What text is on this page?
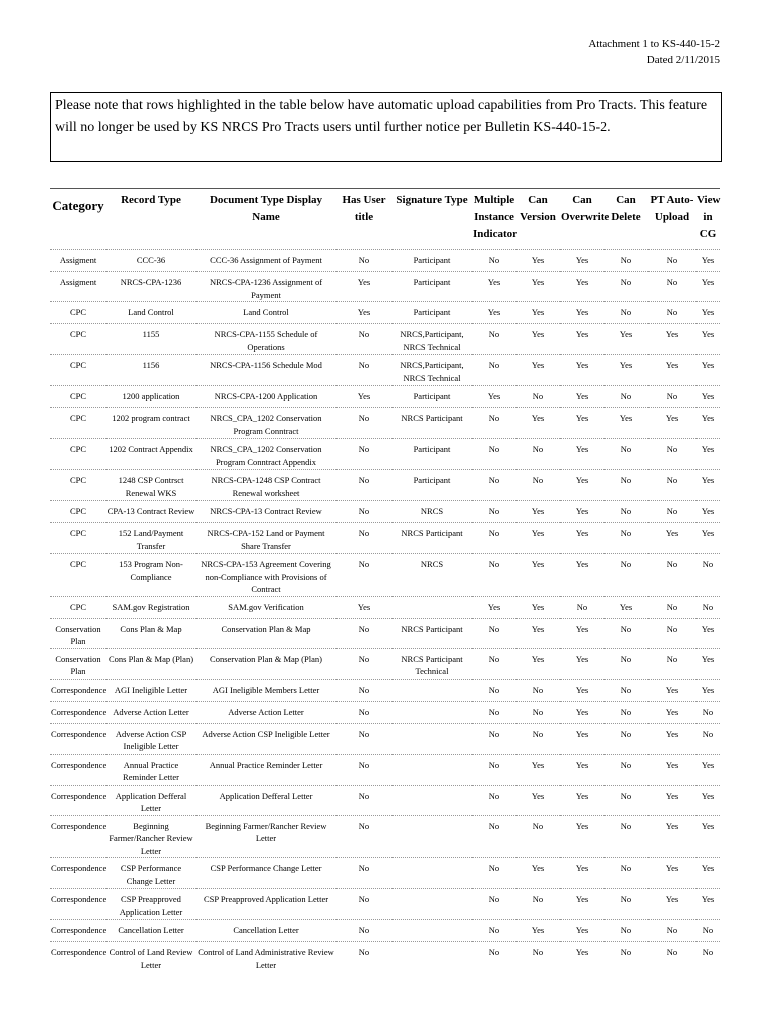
Attachment 1 to KS-440-15-2
Dated 2/11/2015
Please note that rows highlighted in the table below have automatic upload capabilities from Pro Tracts. This feature will no longer be used by KS NRCS Pro Tracts users until further notice per Bulletin KS-440-15-2.
Category	Record Type	Document Type Display Name	Has User title	Signature Type	Multiple Instance Indicator	Can Version	Can Overwrite	Can Delete	PT Auto-Upload	View in CG
Assigment	CCC-36	CCC-36 Assignment of Payment	No	Participant	No	Yes	Yes	No	No	Yes
Assigment	NRCS-CPA-1236	NRCS-CPA-1236 Assignment of Payment	Yes	Participant	Yes	Yes	Yes	No	No	Yes
CPC	Land Control	Land Control	Yes	Participant	Yes	Yes	Yes	No	No	Yes
CPC	1155	NRCS-CPA-1155 Schedule of Operations	No	NRCS,Participant, NRCS Technical	No	Yes	Yes	Yes	Yes	Yes
CPC	1156	NRCS-CPA-1156 Schedule Mod	No	NRCS,Participant, NRCS Technical	No	Yes	Yes	Yes	Yes	Yes
CPC	1200 application	NRCS-CPA-1200 Application	Yes	Participant	Yes	No	Yes	No	No	Yes
CPC	1202 program contract	NRCS_CPA_1202 Conservation Program Conntract	No	NRCS Participant	No	Yes	Yes	Yes	Yes	Yes
CPC	1202 Contract Appendix	NRCS_CPA_1202 Conservation Program Conntract Appendix	No	Participant	No	No	Yes	No	No	Yes
CPC	1248 CSP Contrsct Renewal WKS	NRCS-CPA-1248 CSP Contract Renewal worksheet	No	Participant	No	No	Yes	No	No	Yes
CPC	CPA-13 Contract Review	NRCS-CPA-13 Contract Review	No	NRCS	No	Yes	Yes	No	No	Yes
CPC	152 Land/Payment Transfer	NRCS-CPA-152 Land or Payment Share Transfer	No	NRCS Participant	No	Yes	Yes	No	Yes	Yes
CPC	153 Program Non-Compliance	NRCS-CPA-153 Agreement Covering non-Compliance with Provisions of Contract	No	NRCS	No	Yes	Yes	No	No	No
CPC	SAM.gov Registration	SAM.gov Verification	Yes		Yes	Yes	No	Yes	No	No
Conservation Plan	Cons Plan & Map	Conservation Plan & Map	No	NRCS Participant	No	Yes	Yes	No	No	Yes
Conservation Plan	Cons Plan & Map (Plan)	Conservation Plan & Map (Plan)	No	NRCS Participant Technical	No	Yes	Yes	No	No	Yes
Correspondence	AGI Ineligible Letter	AGI Ineligible Members Letter	No		No	No	Yes	No	Yes	Yes
Correspondence	Adverse Action Letter	Adverse Action Letter	No		No	No	Yes	No	Yes	No
Correspondence	Adverse Action CSP Ineligible Letter	Adverse Action CSP Ineligible Letter	No		No	No	Yes	No	Yes	No
Correspondence	Annual Practice Reminder Letter	Annual Practice Reminder Letter	No		No	Yes	Yes	No	Yes	Yes
Correspondence	Application Defferal Letter	Application Defferal Letter	No		No	Yes	Yes	No	Yes	Yes
Correspondence	Beginning Farmer/Rancher Review Letter	Beginning Farmer/Rancher Review Letter	No		No	No	Yes	No	Yes	Yes
Correspondence	CSP Performance Change Letter	CSP Performance Change Letter	No		No	Yes	Yes	No	Yes	Yes
Correspondence	CSP Preapproved Application Letter	CSP Preapproved Application Letter	No		No	No	Yes	No	Yes	Yes
Correspondence	Cancellation Letter	Cancellation Letter	No		No	Yes	Yes	No	No	No
Correspondence	Control of Land Review Letter	Control of Land Administrative Review Letter	No		No	No	Yes	No	No	No
